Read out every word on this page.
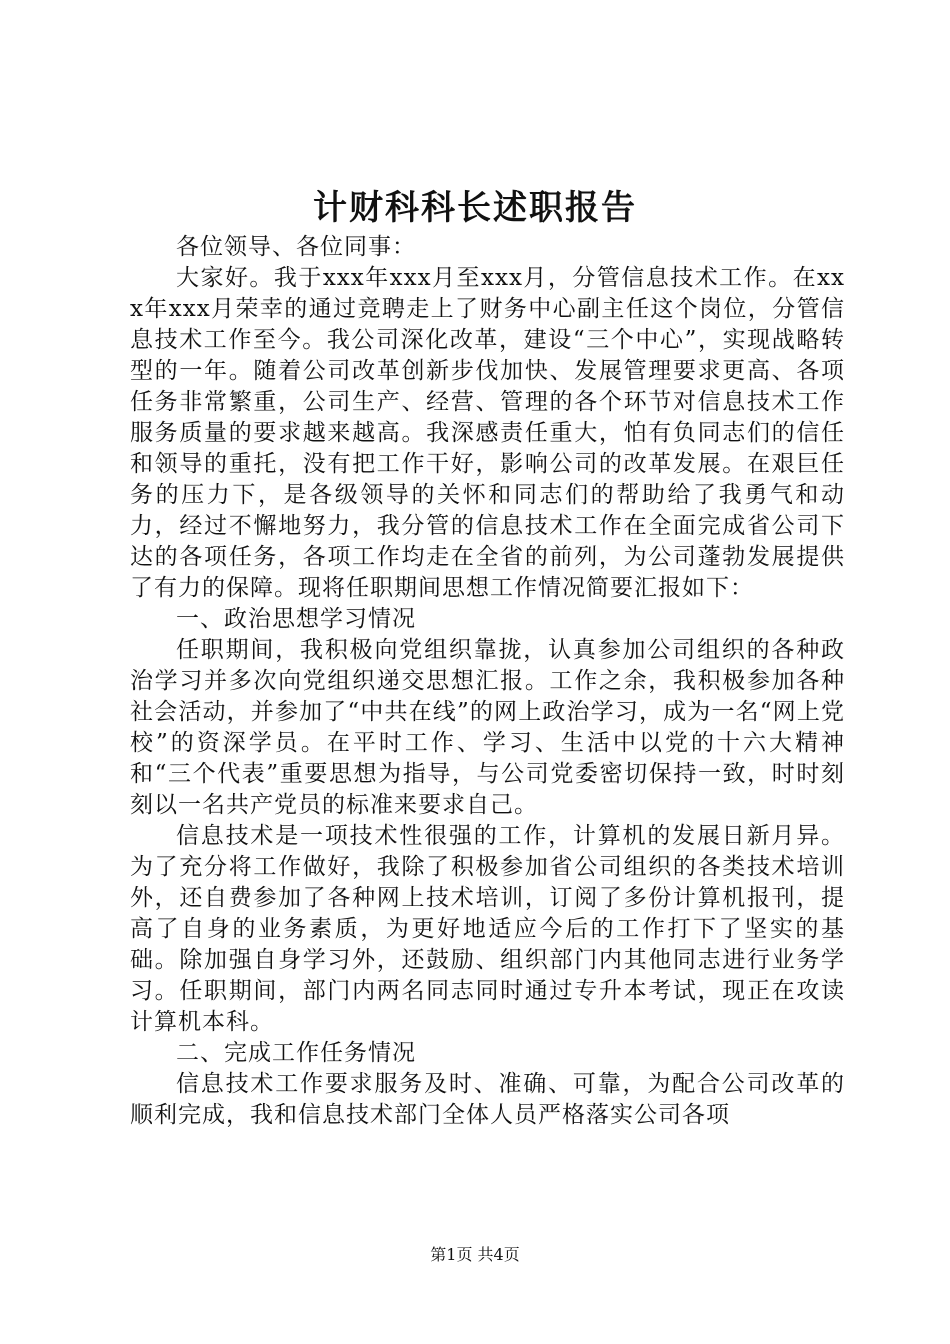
计财科科长述职报告

各位领导、各位同事：

大家好。我于xxx年xxx月至xxx月，分管信息技术工作。在xxx年xxx月荣幸的通过竞聘走上了财务中心副主任这个岗位，分管信息技术工作至今。我公司深化改革，建设“三个中心”，实现战略转型的一年。随着公司改革创新步伐加快、发展管理要求更高、各项任务非常繁重，公司生产、经营、管理的各个环节对信息技术工作服务质量的要求越来越高。我深感责任重大，怕有负同志们的信任和领导的重托，没有把工作干好，影响公司的改革发展。在艰巨任务的压力下，是各级领导的关怀和同志们的帮助给了我勇气和动力，经过不懈地努力，我分管的信息技术工作在全面完成省公司下达的各项任务，各项工作均走在全省的前列，为公司蓬勃发展提供了有力的保障。现将任职期间思想工作情况简要汇报如下：

一、政治思想学习情况

任职期间，我积极向党组织靠拢，认真参加公司组织的各种政治学习并多次向党组织递交思想汇报。工作之余，我积极参加各种社会活动，并参加了“中共在线”的网上政治学习，成为一名“网上党校”的资深学员。在平时工作、学习、生活中以党的十六大精神和“三个代表”重要思想为指导，与公司党委密切保持一致，时时刻刻以一名共产党员的标准来要求自己。

信息技术是一项技术性很强的工作，计算机的发展日新月异。为了充分将工作做好，我除了积极参加省公司组织的各类技术培训外，还自费参加了各种网上技术培训，订阅了多份计算机报刊，提高了自身的业务素质，为更好地适应今后的工作打下了坚实的基础。除加强自身学习外，还鼓励、组织部门内其他同志进行业务学习。任职期间，部门内两名同志同时通过专升本考试，现正在攻读计算机本科。

二、完成工作任务情况

信息技术工作要求服务及时、准确、可靠，为配合公司改革的顺利完成，我和信息技术部门全体人员严格落实公司各项

第1页 共4页
